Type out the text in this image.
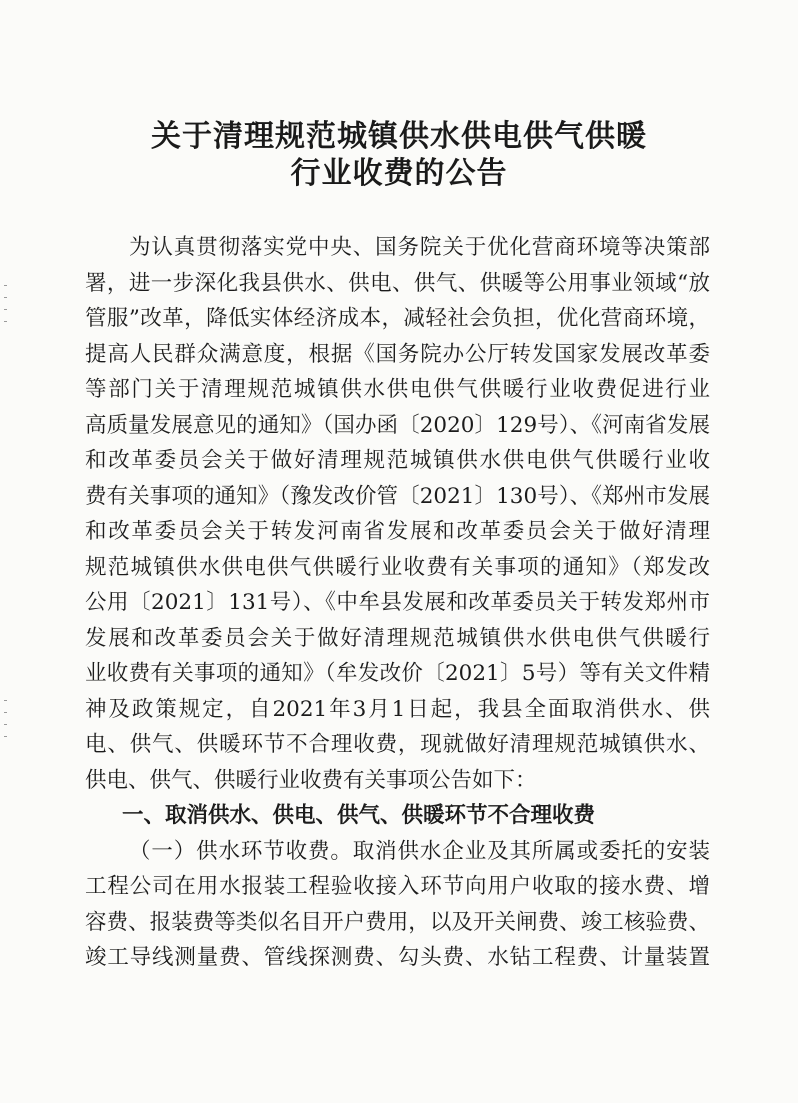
关于清理规范城镇供水供电供气供暖
行业收费的公告
为认真贯彻落实党中央、国务院关于优化营商环境等决策部
署，进一步深化我县供水、供电、供气、供暖等公用事业领域“放
管服”改革，降低实体经济成本，减轻社会负担，优化营商环境，
提高人民群众满意度，根据《国务院办公厅转发国家发展改革委
等部门关于清理规范城镇供水供电供气供暖行业收费促进行业
高质量发展意见的通知》（国办函〔2020〕129号）、《河南省发展
和改革委员会关于做好清理规范城镇供水供电供气供暖行业收
费有关事项的通知》（豫发改价管〔2021〕130号）、《郑州市发展
和改革委员会关于转发河南省发展和改革委员会关于做好清理
规范城镇供水供电供气供暖行业收费有关事项的通知》（郑发改
公用〔2021〕131号）、《中牟县发展和改革委员关于转发郑州市
发展和改革委员会关于做好清理规范城镇供水供电供气供暖行
业收费有关事项的通知》（牟发改价〔2021〕5号）等有关文件精
神及政策规定，自2021年3月1日起，我县全面取消供水、供
电、供气、供暖环节不合理收费，现就做好清理规范城镇供水、
供电、供气、供暖行业收费有关事项公告如下：
一、取消供水、供电、供气、供暖环节不合理收费
（一）供水环节收费。取消供水企业及其所属或委托的安装
工程公司在用水报装工程验收接入环节向用户收取的接水费、增
容费、报装费等类似名目开户费用，以及开关闸费、竣工核验费、
竣工导线测量费、管线探测费、勾头费、水钻工程费、计量装置
